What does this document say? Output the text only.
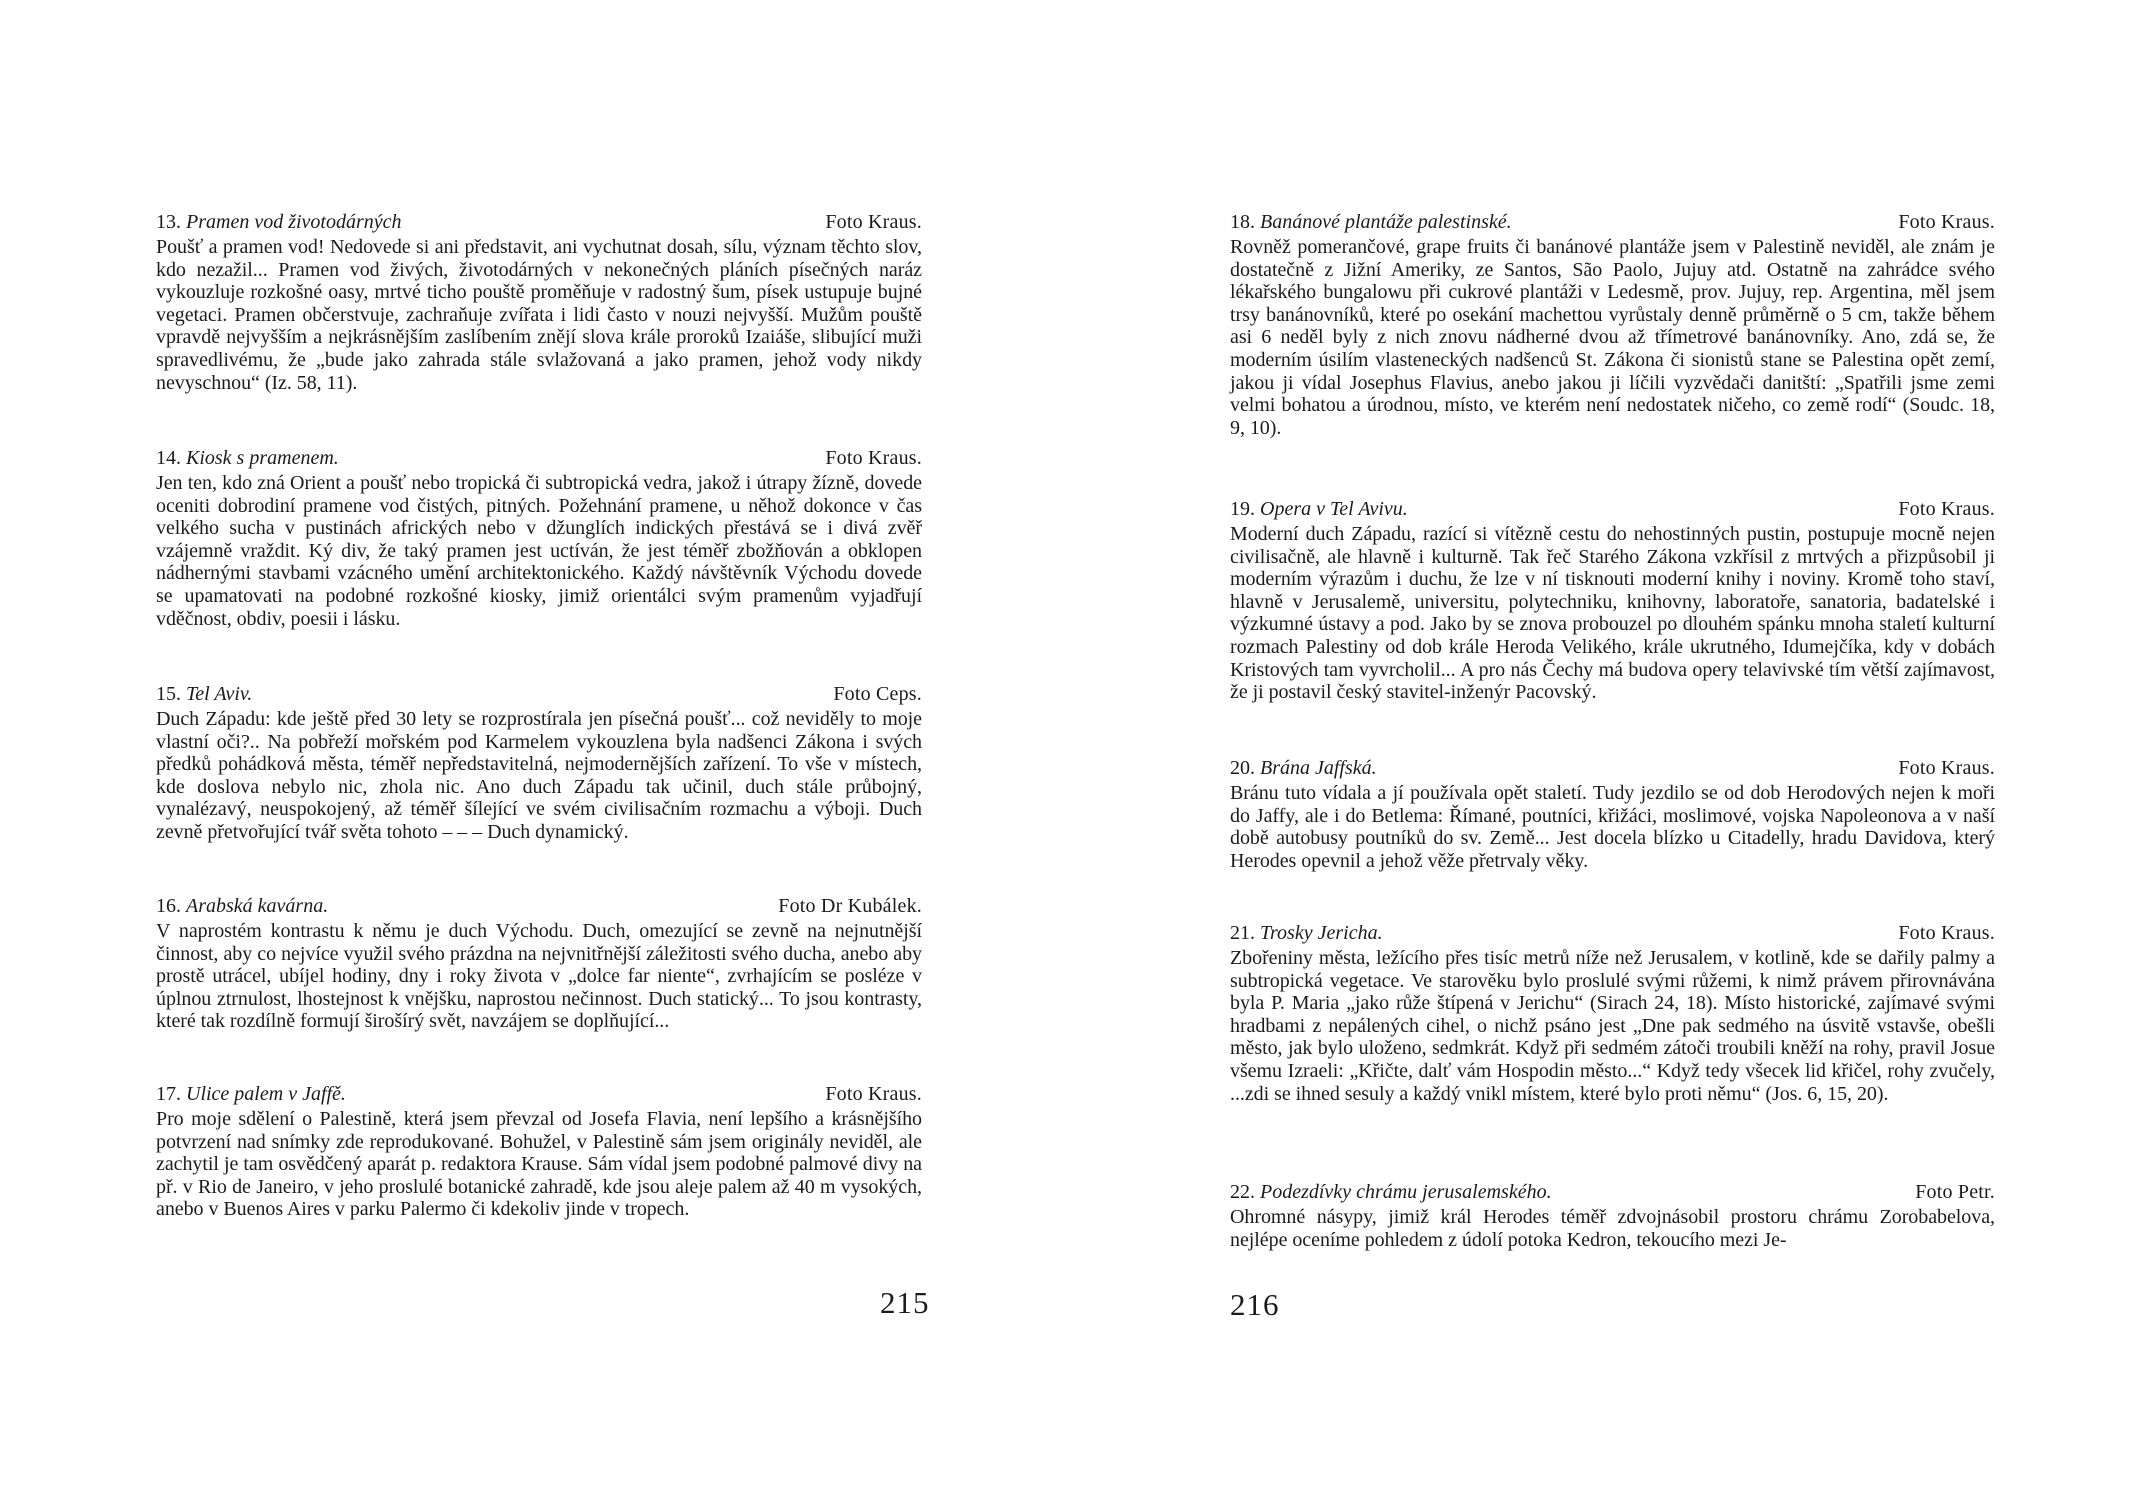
13. Pramen vod životodárných	Foto Kraus.
Poušť a pramen vod! Nedovede si ani představit, ani vychutnat dosah, sílu, význam těchto slov, kdo nezažil... Pramen vod živých, životodárných v nekonečných pláních písečných naráz vykouzluje rozkošné oasy, mrtvé ticho pouště proměňuje v radostný šum, písek ustupuje bujné vegetaci. Pramen občerstvuje, zachraňuje zvířata i lidi často v nouzi nejvyšší. Mužům pouště vpravdě nejvyšším a nejkrásnějším zaslíbením znějí slova krále proroků Izaiáše, slibující muži spravedlivému, že „bude jako zahrada stále svlažovaná a jako pramen, jehož vody nikdy nevyschnou“ (Iz. 58, 11).
14. Kiosk s pramenem.	Foto Kraus.
Jen ten, kdo zná Orient a poušť nebo tropická či subtropická vedra, jakož i útrapy žízně, dovede oceniti dobrodiní pramene vod čistých, pitných. Požehnání pramene, u něhož dokonce v čas velkého sucha v pustinách afrických nebo v džunglích indických přestává se i divá zvěř vzájemně vraždit. Ký div, že taký pramen jest uctíván, že jest téměř zbožňován a obklopen nádhernými stavbami vzácného umění architektonického. Každý návštěvník Východu dovede se upamatovati na podobné rozkošné kiosky, jimiž orientálci svým pramenům vyjadřují vděčnost, obdiv, poesii i lásku.
15. Tel Aviv.	Foto Ceps.
Duch Západu: kde ještě před 30 lety se rozprostírala jen písečná poušť... což neviděly to moje vlastní oči?.. Na pobřeží mořském pod Karmelem vykouzlena byla nadšenci Zákona i svých předků pohádková města, téměř nepředstavitelná, nejmodernějších zařízení. To vše v místech, kde doslova nebylo nic, zhola nic. Ano duch Západu tak učinil, duch stále průbojný, vynalézavý, neuspokojený, až téměř šílející ve svém civilisačním rozmachu a výboji. Duch zevně přetvořující tvář světa tohoto – – – Duch dynamický.
16. Arabská kavárna.	Foto Dr Kubálek.
V naprostém kontrastu k němu je duch Východu. Duch, omezující se zevně na nejnutnější činnost, aby co nejvíce využil svého prázdna na nejvnitřnější záležitosti svého ducha, anebo aby prostě utrácel, ubíjel hodiny, dny i roky života v „dolce far niente“, zvrhajícím se posléze v úplnou ztrnulost, lhostejnost k vnějšku, naprostou nečinnost. Duch statický... To jsou kontrasty, které tak rozdílně formují širošírý svět, navzájem se doplňující...
17. Ulice palem v Jaffě.	Foto Kraus.
Pro moje sdělení o Palestině, která jsem převzal od Josefa Flavia, není lepšího a krásnějšího potvrzení nad snímky zde reprodukované. Bohužel, v Palestině sám jsem originály neviděl, ale zachytil je tam osvědčený aparát p. redaktora Krause. Sám vídal jsem podobné palmové divy na př. v Rio de Janeiro, v jeho proslulé botanické zahradě, kde jsou aleje palem až 40 m vysokých, anebo v Buenos Aires v parku Palermo či kdekoliv jinde v tropech.
215
18. Banánové plantáže palestinské.	Foto Kraus.
Rovněž pomerančové, grape fruits či banánové plantáže jsem v Palestině neviděl, ale znám je dostatečně z Jižní Ameriky, ze Santos, São Paolo, Jujuy atd. Ostatně na zahrádce svého lékařského bungalowu při cukrové plantáži v Ledesmě, prov. Jujuy, rep. Argentina, měl jsem trsy banánovníků, které po osekání machettou vyrůstaly denně průměrně o 5 cm, takže během asi 6 neděl byly z nich znovu nádherné dvou až třímetrové banánovníky. Ano, zdá se, že moderním úsilím vlasteneckých nadšenců St. Zákona či sionistů stane se Palestina opět zemí, jakou ji vídal Josephus Flavius, anebo jakou ji líčili vyzvědači danitští: „Spatřili jsme zemi velmi bohatou a úrodnou, místo, ve kterém není nedostatek ničeho, co země rodí“ (Soudc. 18, 9, 10).
19. Opera v Tel Avivu.	Foto Kraus.
Moderní duch Západu, razící si vítězně cestu do nehostinných pustin, postupuje mocně nejen civilisačně, ale hlavně i kulturně. Tak řeč Starého Zákona vzkřísil z mrtvých a přizpůsobil ji moderním výrazům i duchu, že lze v ní tisknouti moderní knihy i noviny. Kromě toho staví, hlavně v Jerusalemě, universitu, polytechniku, knihovny, laboratoře, sanatoria, badatelské i výzkumné ústavy a pod. Jako by se znova probouzel po dlouhém spánku mnoha staletí kulturní rozmach Palestiny od dob krále Heroda Velikého, krále ukrutného, Idumejčíka, kdy v dobách Kristových tam vyvrcholil... A pro nás Čechy má budova opery telavivské tím větší zajímavost, že ji postavil český stavitel-inženýr Pacovský.
20. Brána Jaffská.	Foto Kraus.
Bránu tuto vídala a jí používala opět staletí. Tudy jezdilo se od dob Herodových nejen k moři do Jaffy, ale i do Betlema: Římané, poutníci, křižáci, moslimové, vojska Napoleonova a v naší době autobusy poutníků do sv. Země... Jest docela blízko u Citadelly, hradu Davidova, který Herodes opevnil a jehož věže přetrvaly věky.
21. Trosky Jericha.	Foto Kraus.
Zbořeniny města, ležícího přes tisíc metrů níže než Jerusalem, v kotlině, kde se dařily palmy a subtropická vegetace. Ve starověku bylo proslulé svými růžemi, k nimž právem přirovnávána byla P. Maria „jako růže štípená v Jerichu“ (Sirach 24, 18). Místo historické, zajímavé svými hradbami z nepálených cihel, o nichž psáno jest „Dne pak sedmého na úsvitě vstavše, obešli město, jak bylo uloženo, sedmkrát. Když při sedmém zátoči troubili kněží na rohy, pravil Josue všemu Izraeli: „Křičte, dalť vám Hospodin město...“ Když tedy všecek lid křičel, rohy zvučely, ...zdi se ihned sesuly a každý vnikl místem, které bylo proti němu“ (Jos. 6, 15, 20).
22. Podezdívky chrámu jerusalemského.	Foto Petr.
Ohromné násypy, jimiž král Herodes téměř zdvojnásobil prostoru chrámu Zorobabelova, nejlépe oceníme pohledem z údolí potoka Kedron, tekoucího mezi Je-
216
